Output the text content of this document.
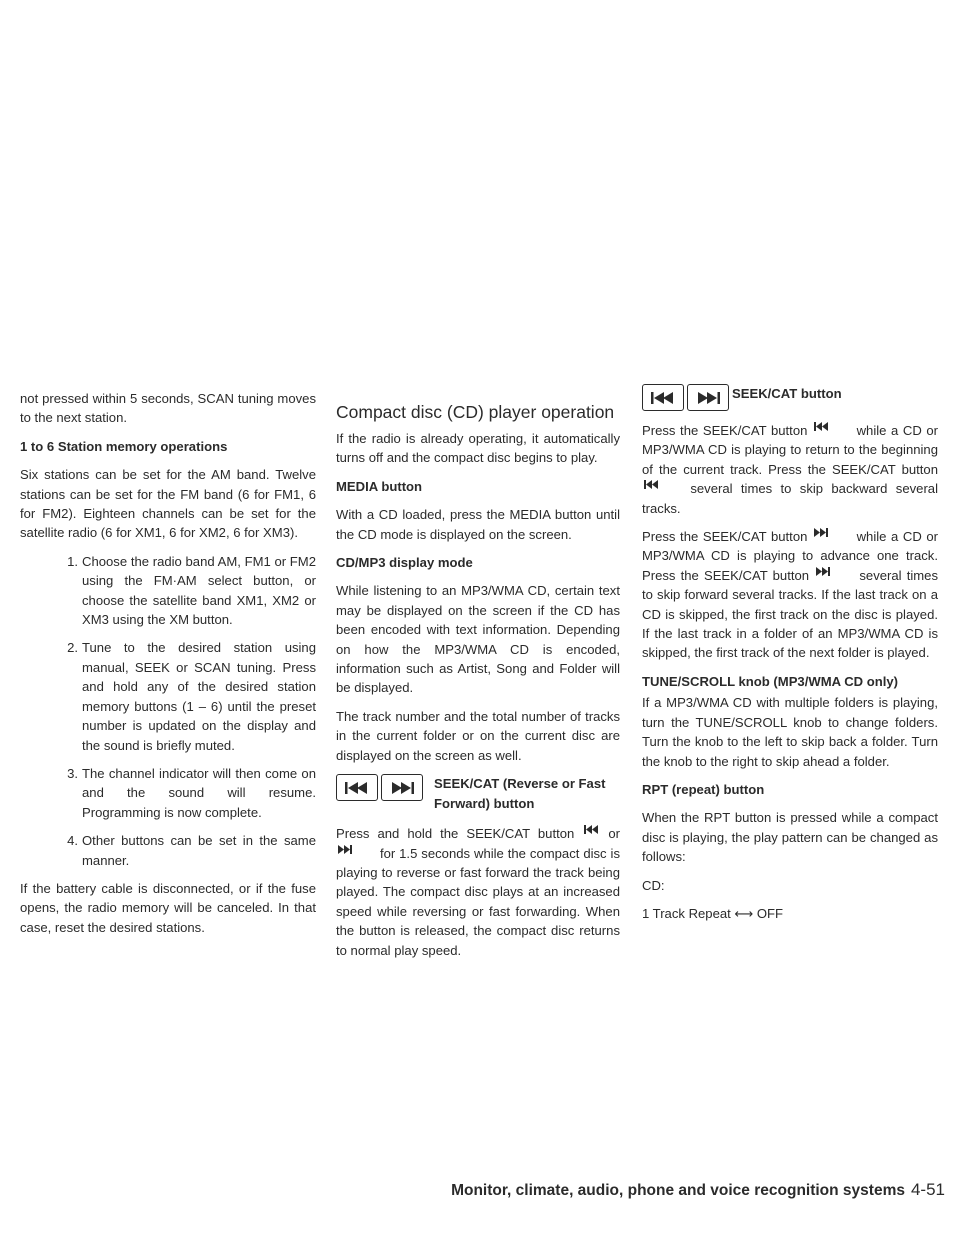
not pressed within 5 seconds, SCAN tuning moves to the next station.

1 to 6 Station memory operations

Six stations can be set for the AM band. Twelve stations can be set for the FM band (6 for FM1, 6 for FM2). Eighteen channels can be set for the satellite radio (6 for XM1, 6 for XM2, 6 for XM3).

1. Choose the radio band AM, FM1 or FM2 using the FM·AM select button, or choose the satellite band XM1, XM2 or XM3 using the XM button.
2. Tune to the desired station using manual, SEEK or SCAN tuning. Press and hold any of the desired station memory buttons (1 – 6) until the preset number is updated on the display and the sound is briefly muted.
3. The channel indicator will then come on and the sound will resume. Programming is now complete.
4. Other buttons can be set in the same manner.

If the battery cable is disconnected, or if the fuse opens, the radio memory will be canceled. In that case, reset the desired stations.

Compact disc (CD) player operation

If the radio is already operating, it automatically turns off and the compact disc begins to play.

MEDIA button

With a CD loaded, press the MEDIA button until the CD mode is displayed on the screen.

CD/MP3 display mode

While listening to an MP3/WMA CD, certain text may be displayed on the screen if the CD has been encoded with text information. Depending on how the MP3/WMA CD is encoded, information such as Artist, Song and Folder will be displayed.

The track number and the total number of tracks in the current folder or on the current disc are displayed on the screen as well.

SEEK/CAT (Reverse or Fast Forward) button

Press and hold the SEEK/CAT button	or  for 1.5 seconds while the compact disc is playing to reverse or fast forward the track being played. The compact disc plays at an increased speed while reversing or fast forwarding. When the button is released, the compact disc returns to normal play speed.

SEEK/CAT button

Press the SEEK/CAT button	while a CD or MP3/WMA CD is playing to return to the beginning of the current track. Press the SEEK/CAT button  several times to skip backward several tracks.

Press the SEEK/CAT button	while a CD or MP3/WMA CD is playing to advance one track. Press the SEEK/CAT button	several times to skip forward several tracks. If the last track on a CD is skipped, the first track on the disc is played. If the last track in a folder of an MP3/WMA CD is skipped, the first track of the next folder is played.

TUNE/SCROLL knob (MP3/WMA CD only)

If a MP3/WMA CD with multiple folders is playing, turn the TUNE/SCROLL knob to change folders. Turn the knob to the left to skip back a folder. Turn the knob to the right to skip ahead a folder.

RPT (repeat) button

When the RPT button is pressed while a compact disc is playing, the play pattern can be changed as follows:

CD:

1 Track Repeat ⟷ OFF

Monitor, climate, audio, phone and voice recognition systems 4-51
